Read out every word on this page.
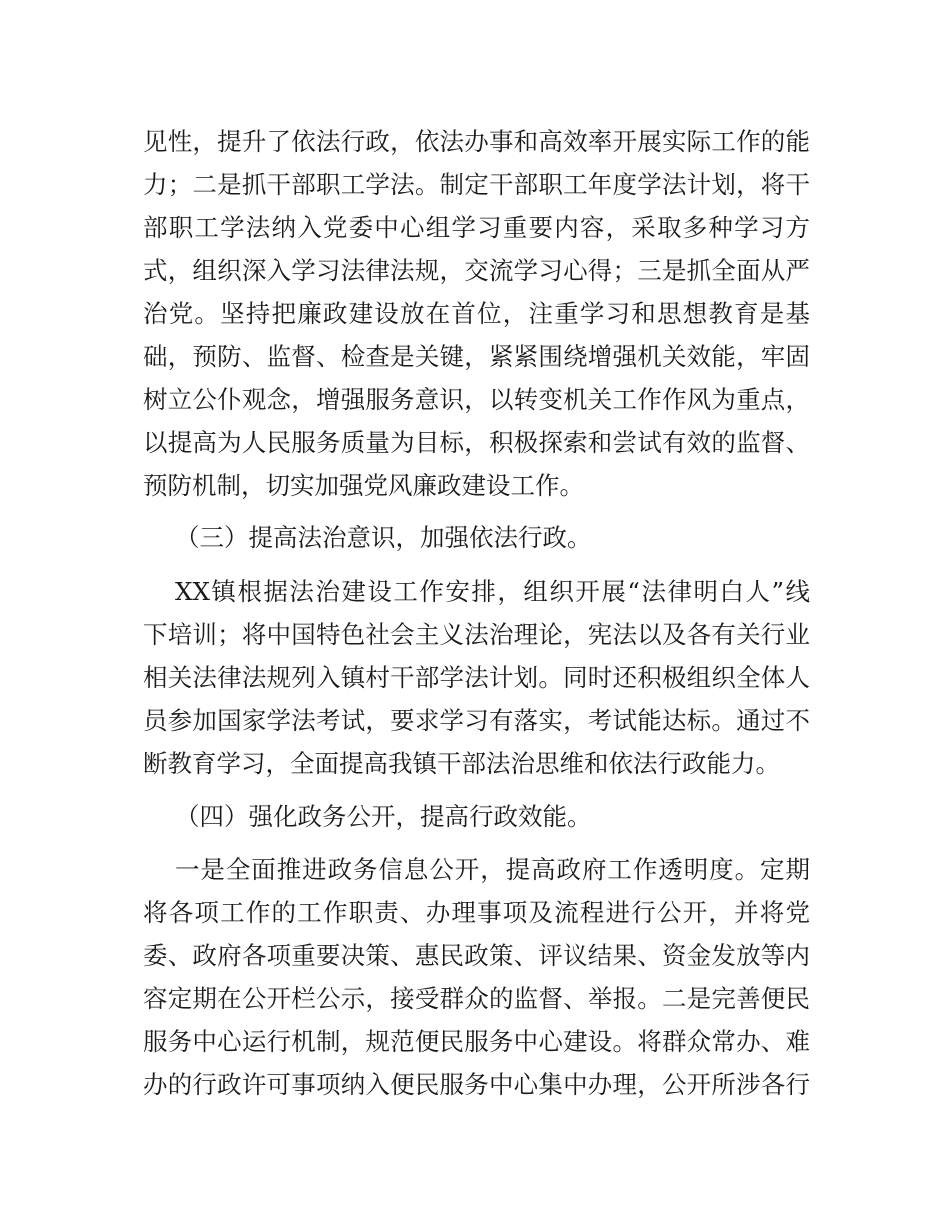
见性，提升了依法行政，依法办事和高效率开展实际工作的能
力；二是抓干部职工学法。制定干部职工年度学法计划，将干
部职工学法纳入党委中心组学习重要内容，采取多种学习方
式，组织深入学习法律法规，交流学习心得；三是抓全面从严
治党。坚持把廉政建设放在首位，注重学习和思想教育是基
础，预防、监督、检查是关键，紧紧围绕增强机关效能，牢固
树立公仆观念，增强服务意识，以转变机关工作作风为重点，
以提高为人民服务质量为目标，积极探索和尝试有效的监督、
预防机制，切实加强党风廉政建设工作。
（三）提高法治意识，加强依法行政。
XX镇根据法治建设工作安排，组织开展“法律明白人”线
下培训；将中国特色社会主义法治理论，宪法以及各有关行业
相关法律法规列入镇村干部学法计划。同时还积极组织全体人
员参加国家学法考试，要求学习有落实，考试能达标。通过不
断教育学习，全面提高我镇干部法治思维和依法行政能力。
（四）强化政务公开，提高行政效能。
一是全面推进政务信息公开，提高政府工作透明度。定期
将各项工作的工作职责、办理事项及流程进行公开，并将党
委、政府各项重要决策、惠民政策、评议结果、资金发放等内
容定期在公开栏公示，接受群众的监督、举报。二是完善便民
服务中心运行机制，规范便民服务中心建设。将群众常办、难
办的行政许可事项纳入便民服务中心集中办理，公开所涉各行
